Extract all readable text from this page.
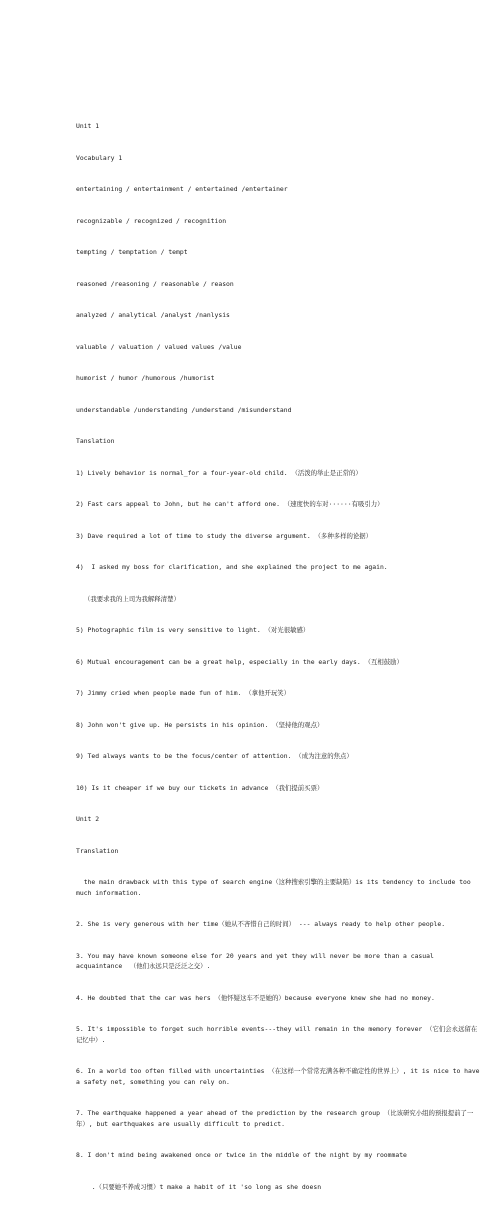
Unit 1

Vocabulary 1

entertaining / entertainment / entertained /entertainer

recognizable / recognized / recognition

tempting / temptation / tempt

reasoned /reasoning / reasonable / reason

analyzed / analytical /analyst /nanlysis

valuable / valuation / valued values /value

humorist / humor /humorous /humorist

understandable /understanding /understand /misunderstand

Tanslation

1) Lively behavior is normal_for a four-year-old child. （活泼的举止是正常的）

2) Fast cars appeal to John, but he can't afford one. （速度快的车对······有吸引力）

3) Dave required a lot of time to study the diverse argument. （多种多样的论据）

4)  I asked my boss for clarification, and she explained the project to me again.

（我要求我的上司为我解释清楚）

5) Photographic film is very sensitive to light. （对光很敏感）

6) Mutual encouragement can be a great help, especially in the early days. （互相鼓励）

7) Jimmy cried when people made fun of him. （拿他开玩笑）

8) John won't give up. He persists in his opinion. （坚持他的观点）

9) Ted always wants to be the focus/center of attention. （成为注意的焦点）

10) Is it cheaper if we buy our tickets in advance （我们提前买票）

Unit 2

Translation

the main drawback with this type of search engine（这种搜索引擎的主要缺陷）is its tendency to include too much information.

2. She is very generous with her time（她从不吝惜自己的时间） --- always ready to help other people.

3. You may have known someone else for 20 years and yet they will never be more than a casual acquaintance  （他们永远只是泛泛之交）.

4. He doubted that the car was hers （他怀疑这车不是她的）because everyone knew she had no money.

5. It's impossible to forget such horrible events---they will remain in the memory forever （它们会永远留在记忆中）.

6. In a world too often filled with uncertainties （在这样一个常常充满各种不确定性的世界上）, it is nice to have a safety net, something you can rely on.

7. The earthquake happened a year ahead of the prediction by the research group （比该研究小组的预报提前了一年）, but earthquakes are usually difficult to predict.

8. I don't mind being awakened once or twice in the middle of the night by my roommate

.（只要她不养成习惯）t make a habit of it 'so long as she doesn
